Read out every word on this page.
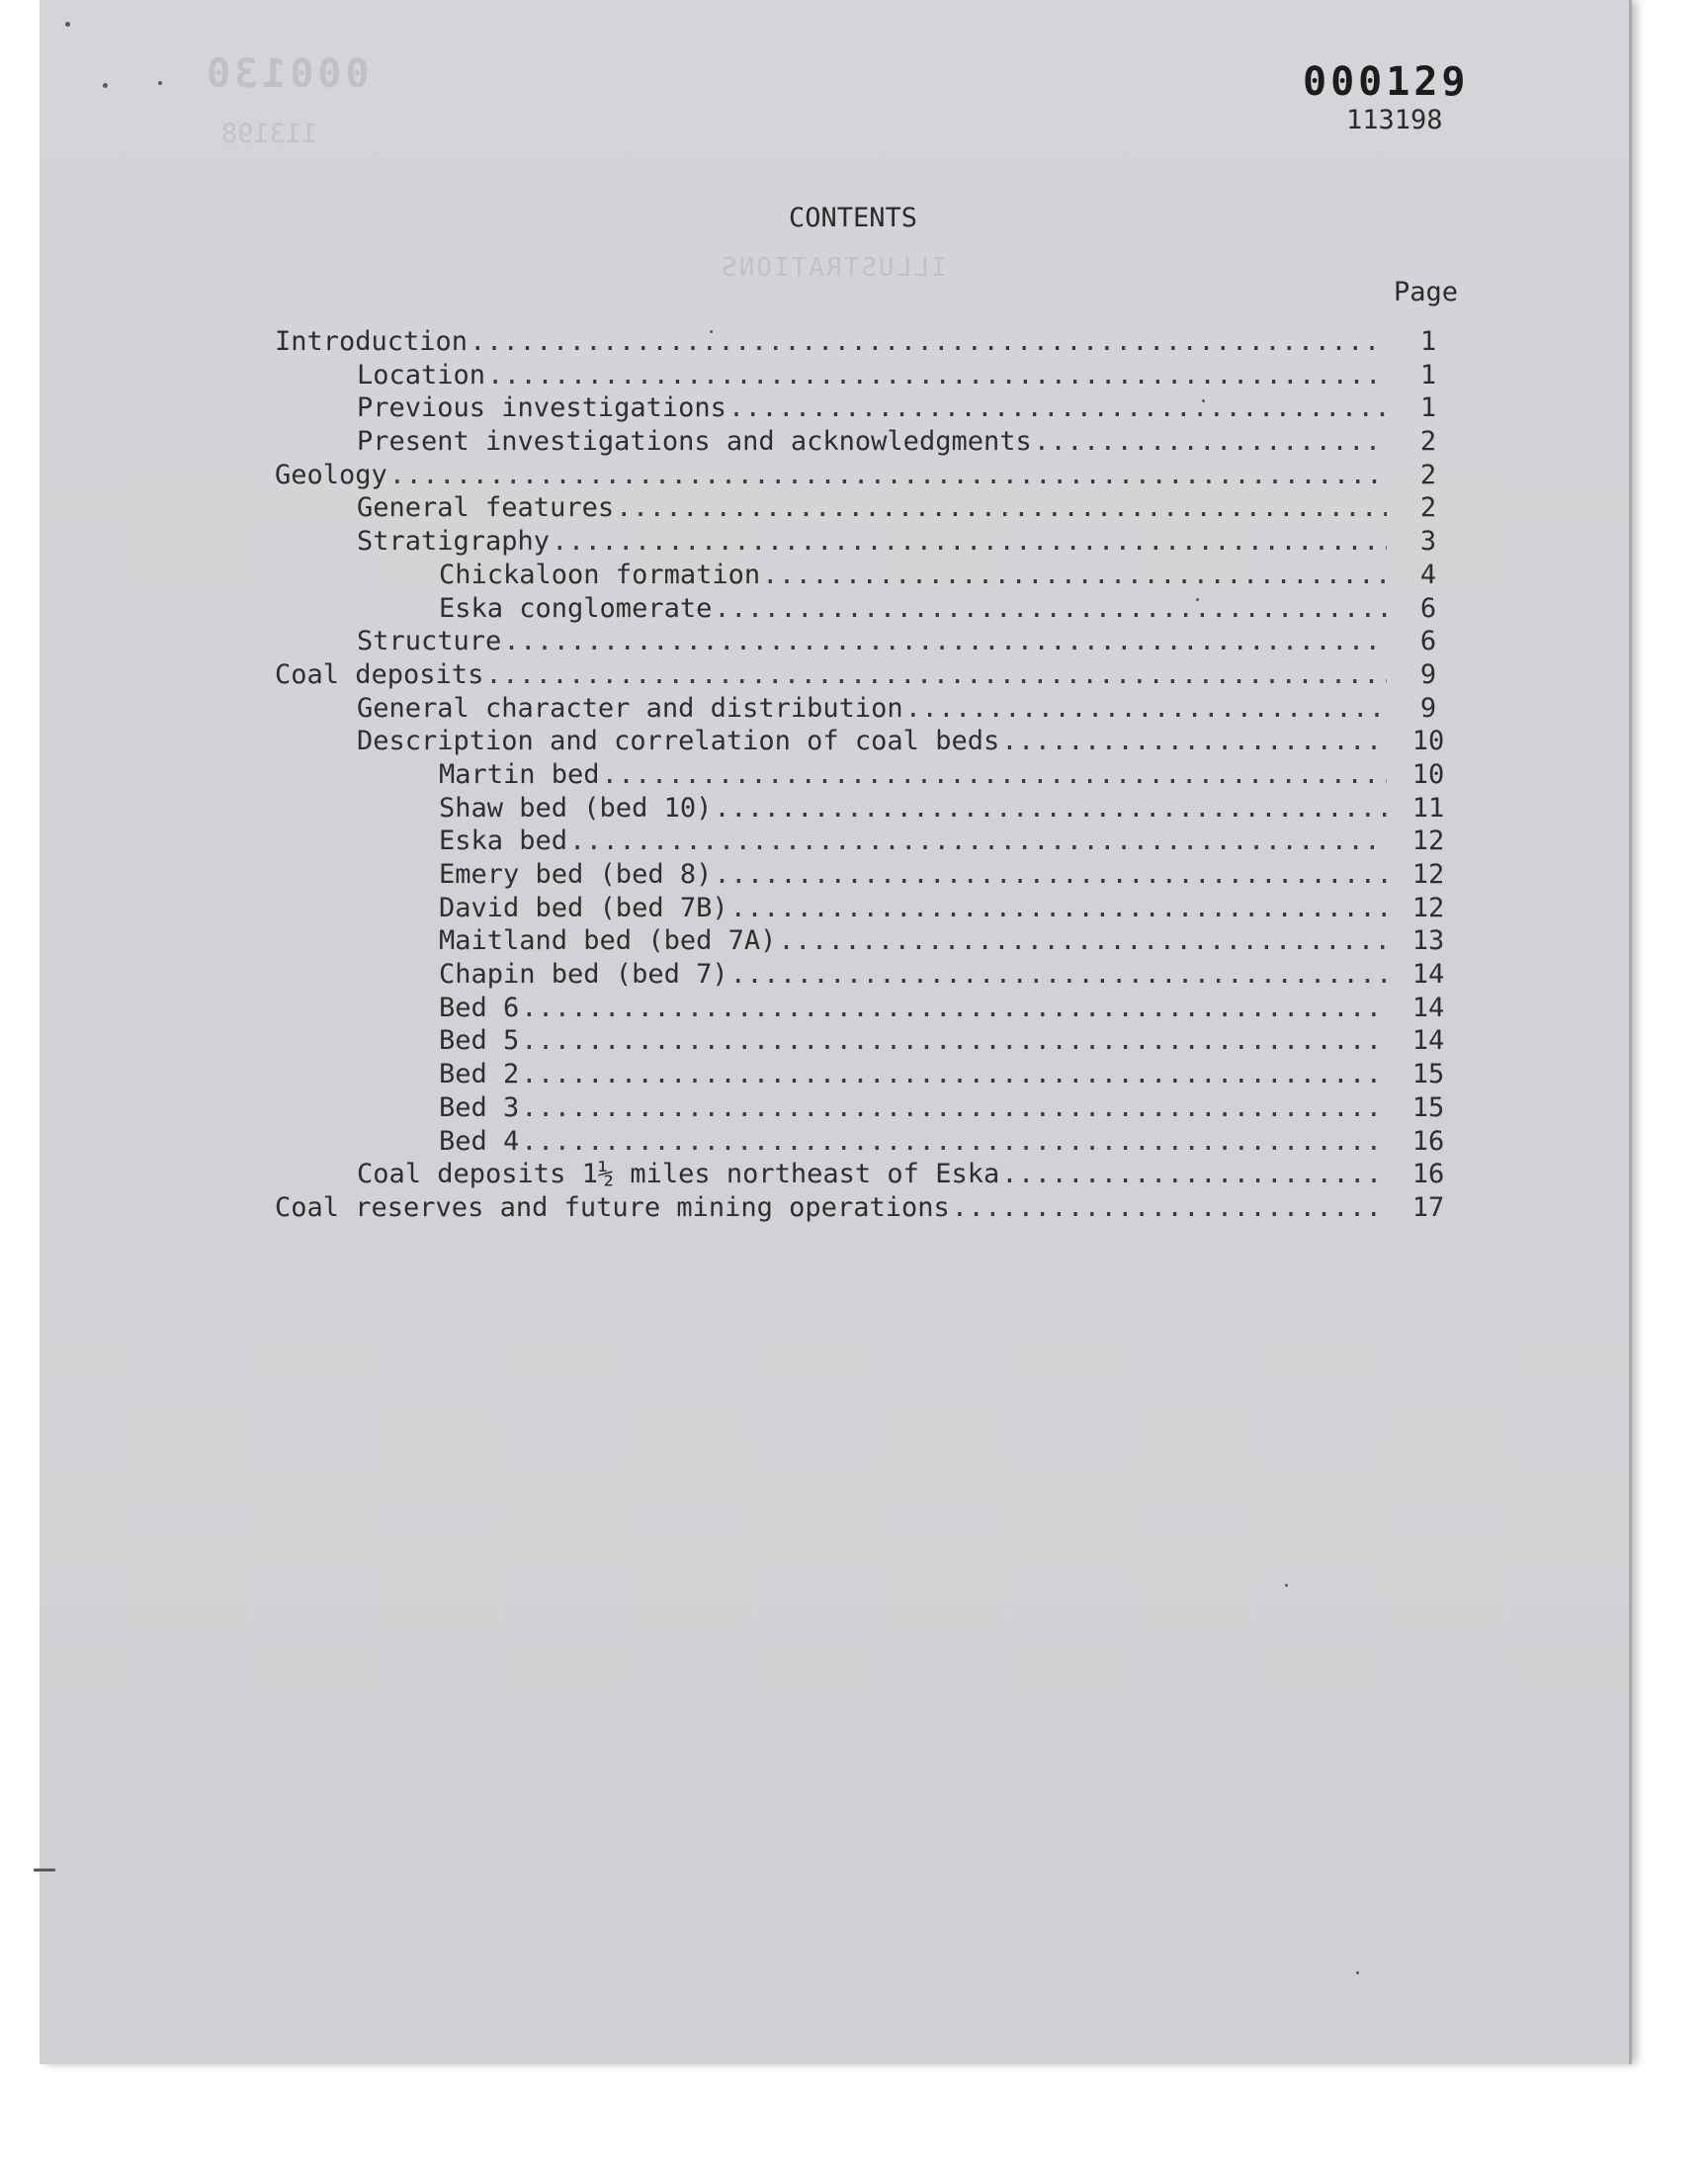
000130
113198
ILLUSTRATIONS
000129
113198
CONTENTS
Page
Introduction .....	1
Location .....	1
Previous investigations .....	1
Present investigations and acknowledgments .....	2
Geology .....	2
General features .....	2
Stratigraphy .....	3
Chickaloon formation .....	4
Eska conglomerate .....	6
Structure .....	6
Coal deposits .....	9
General character and distribution .....	9
Description and correlation of coal beds .....	10
Martin bed .....	10
Shaw bed (bed 10) .....	11
Eska bed .....	12
Emery bed (bed 8) .....	12
David bed (bed 7B) .....	12
Maitland bed (bed 7A) .....	13
Chapin bed (bed 7) .....	14
Bed 6 .....	14
Bed 5 .....	14
Bed 2 .....	15
Bed 3 .....	15
Bed 4 .....	16
Coal deposits 1½ miles northeast of Eska .....	16
Coal reserves and future mining operations .....	17
